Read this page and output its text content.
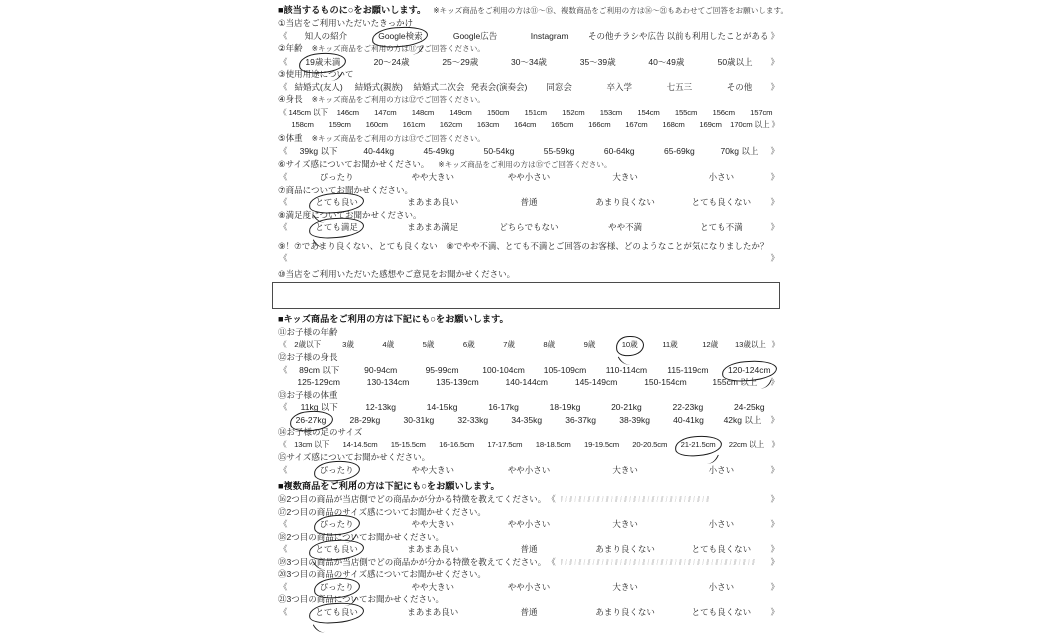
■該当するものに○をお願いします。 ※キッズ商品をご利用の方は⑪〜⑮、複数商品をご利用の方は⑯〜㉑もあわせてご回答をお願いします。
①当店をご利用いただいたきっかけ
《	知人の紹介	Google検索	Google広告	Instagram	その他チラシや広告 以前も利用したことがある 》
②年齢 ※キッズ商品をご利用の方は⑪でご回答ください。
《	19歳未満	20〜24歳	25〜29歳	30〜34歳	35〜39歳	40〜49歳	50歳以上	》
③使用用途について
《 結婚式(友人)	結婚式(親族)	結婚式二次会 発表会(演奏会)	同窓会	卒入学	七五三	その他	》
④身長 ※キッズ商品をご利用の方は⑫でご回答ください。
《 145cm 以下	146cm	147cm	148cm	149cm	150cm	151cm	152cm	153cm	154cm	155cm	156cm	157cm
158cm	159cm	160cm	161cm	162cm	163cm	164cm	165cm	166cm	167cm	168cm	169cm	170cm 以上 》
⑤体重 ※キッズ商品をご利用の方は⑬でご回答ください。
《	39kg 以下	40-44kg	45-49kg	50-54kg	55-59kg	60-64kg	65-69kg	70kg 以上	》
⑥サイズ感についてお聞かせください。 ※キッズ商品をご利用の方は⑮でご回答ください。
《	ぴったり	やや大きい	やや小さい	大きい	小さい	》
⑦商品についてお聞かせください。
《	とても良い	まあまあ良い	普通	あまり良くない	とても良くない	》
⑧満足度についてお聞かせください。
《	とても満足	まあまあ満足	どちらでもない	やや不満	とても不満	》
⑨！⑦であまり良くない、とても良くない　⑧でやや不満、とても不満とご回答のお客様、どのようなことが気になりましたか？
《	》
⑩当店をご利用いただいた感想やご意見をお聞かせください。
■キッズ商品をご利用の方は下記にも○をお願いします。
⑪お子様の年齢
《	2歳以下	3歳	4歳	5歳	6歳	7歳	8歳	9歳	10歳	11歳	12歳	13歳以上 》
⑫お子様の身長
《	89cm 以下	90-94cm	95-99cm	100-104cm	105-109cm	110-114cm	115-119cm	120-124cm
125-129cm	130-134cm	135-139cm	140-144cm	145-149cm	150-154cm	155cm 以上	》
⑬お子様の体重
《	11kg 以下	12-13kg	14-15kg	16-17kg	18-19kg	20-21kg	22-23kg	24-25kg
26-27kg	28-29kg	30-31kg	32-33kg	34-35kg	36-37kg	38-39kg	40-41kg	42kg 以上	》
⑭お子様の足のサイズ
《 13cm 以下	14-14.5cm	15-15.5cm	16-16.5cm	17-17.5cm	18-18.5cm	19-19.5cm	20-20.5cm	21-21.5cm	22cm 以上 》
⑮サイズ感についてお聞かせください。
《	ぴったり	やや大きい	やや小さい	大きい	小さい	》
■複数商品をご利用の方は下記にも○をお願いします。
⑯2つ目の商品が当店側でどの商品かが分かる特徴を教えてください。 《	》
⑰2つ目の商品のサイズ感についてお聞かせください。
《	ぴったり	やや大きい	やや小さい	大きい	小さい	》
⑱2つ目の商品についてお聞かせください。
《	とても良い	まあまあ良い	普通	あまり良くない	とても良くない	》
⑲3つ目の商品が当店側でどの商品かが分かる特徴を教えてください。 《	》
⑳3つ目の商品のサイズ感についてお聞かせください。
《	ぴったり	やや大きい	やや小さい	大きい	小さい	》
㉑3つ目の商品についてお聞かせください。
《	とても良い	まあまあ良い	普通	あまり良くない	とても良くない	》
